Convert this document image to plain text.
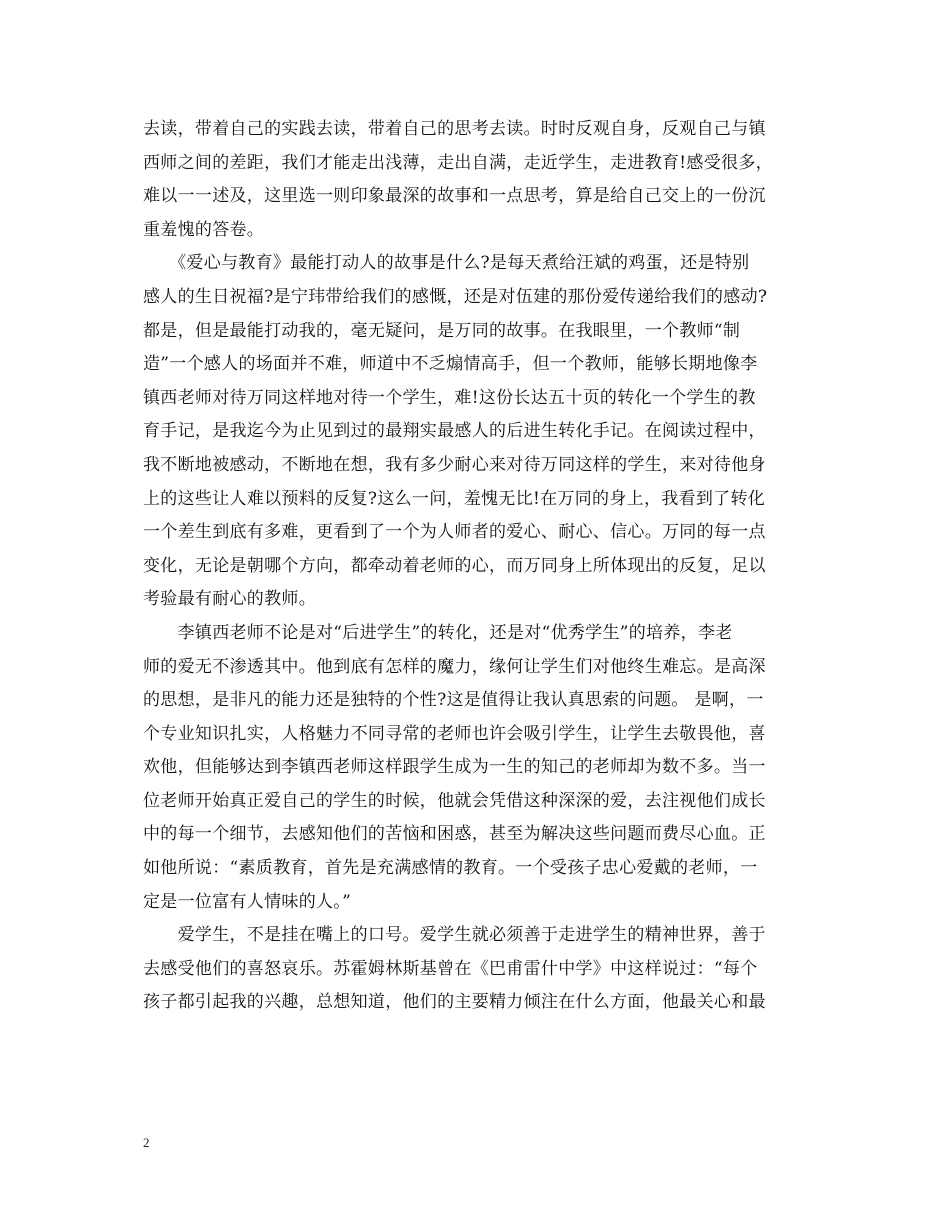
去读，带着自己的实践去读，带着自己的思考去读。时时反观自身，反观自己与镇
西师之间的差距，我们才能走出浅薄，走出自满，走近学生，走进教育!感受很多，
难以一一述及，这里选一则印象最深的故事和一点思考，算是给自己交上的一份沉
重羞愧的答卷。

　　《爱心与教育》最能打动人的故事是什么?是每天煮给汪斌的鸡蛋，还是特别
感人的生日祝福?是宁玮带给我们的感慨，还是对伍建的那份爱传递给我们的感动?
都是，但是最能打动我的，毫无疑问，是万同的故事。在我眼里，一个教师“制
造”一个感人的场面并不难，师道中不乏煽情高手，但一个教师，能够长期地像李
镇西老师对待万同这样地对待一个学生，难!这份长达五十页的转化一个学生的教
育手记，是我迄今为止见到过的最翔实最感人的后进生转化手记。在阅读过程中，
我不断地被感动，不断地在想，我有多少耐心来对待万同这样的学生，来对待他身
上的这些让人难以预料的反复?这么一问，羞愧无比!在万同的身上，我看到了转化
一个差生到底有多难，更看到了一个为人师者的爱心、耐心、信心。万同的每一点
变化，无论是朝哪个方向，都牵动着老师的心，而万同身上所体现出的反复，足以
考验最有耐心的教师。

　　李镇西老师不论是对“后进学生”的转化，还是对“优秀学生”的培养，李老
师的爱无不渗透其中。他到底有怎样的魔力，缘何让学生们对他终生难忘。是高深
的思想，是非凡的能力还是独特的个性?这是值得让我认真思索的问题。 是啊，一
个专业知识扎实，人格魅力不同寻常的老师也许会吸引学生，让学生去敬畏他，喜
欢他，但能够达到李镇西老师这样跟学生成为一生的知己的老师却为数不多。当一
位老师开始真正爱自己的学生的时候，他就会凭借这种深深的爱，去注视他们成长
中的每一个细节，去感知他们的苦恼和困惑，甚至为解决这些问题而费尽心血。正
如他所说：“素质教育，首先是充满感情的教育。一个受孩子忠心爱戴的老师，一
定是一位富有人情味的人。”

　　爱学生，不是挂在嘴上的口号。爱学生就必须善于走进学生的精神世界，善于
去感受他们的喜怒哀乐。苏霍姆林斯基曾在《巴甫雷什中学》中这样说过：“每个
孩子都引起我的兴趣，总想知道，他们的主要精力倾注在什么方面，他最关心和最

2
